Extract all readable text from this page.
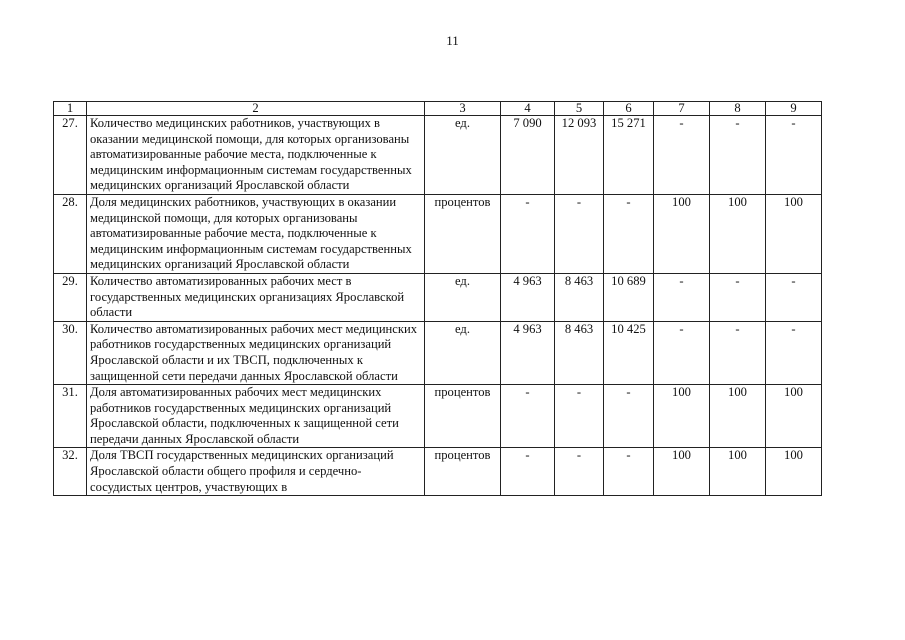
11
1	2	3	4	5	6	7	8	9
27.	Количество медицинских работников, участвующих в оказании медицинской помощи, для которых организованы автоматизированные рабочие места, подключенные к медицинским информационным системам государственных медицинских организаций Ярославской области	ед.	7 090	12 093	15 271	-	-	-
28.	Доля медицинских работников, участвующих в оказании медицинской помощи, для которых организованы автоматизированные рабочие места, подключенные к медицинским информационным системам государственных медицинских организаций Ярославской области	процентов	-	-	-	100	100	100
29.	Количество автоматизированных рабочих мест в государственных медицинских организациях Ярославской области	ед.	4 963	8 463	10 689	-	-	-
30.	Количество автоматизированных рабочих мест медицинских работников государственных медицинских организаций Ярославской области и их ТВСП, подключенных к защищенной сети передачи данных Ярославской области	ед.	4 963	8 463	10 425	-	-	-
31.	Доля автоматизированных рабочих мест медицинских работников государственных медицинских организаций Ярославской области, подключенных к защищенной сети передачи данных Ярославской области	процентов	-	-	-	100	100	100
32.	Доля ТВСП государственных медицинских организаций Ярославской области общего профиля и сердечно-сосудистых центров, участвующих в	процентов	-	-	-	100	100	100
